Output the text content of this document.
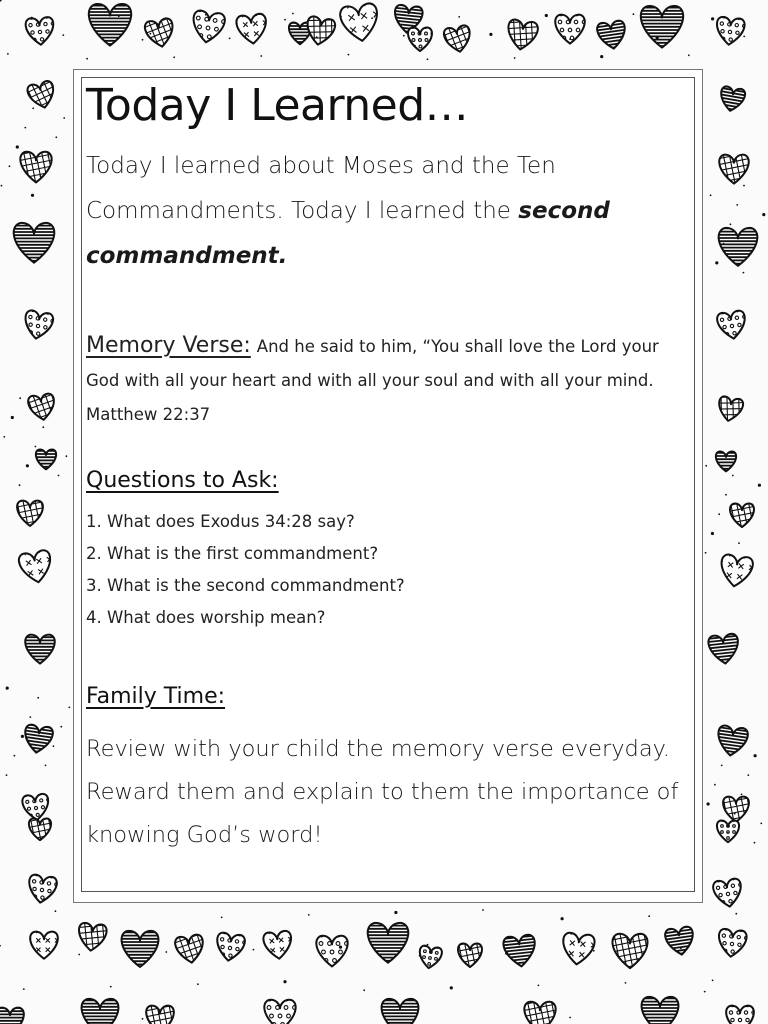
Today I Learned…
Today I learned about Moses and the Ten Commandments. Today I learned the second commandment.
Memory Verse: And he said to him, “You shall love the Lord your God with all your heart and with all your soul and with all your mind. Matthew 22:37
Questions to Ask:
1. What does Exodus 34:28 say?
2. What is the first commandment?
3. What is the second commandment?
4. What does worship mean?
Family Time:
Review with your child the memory verse everyday. Reward them and explain to them the importance of knowing God’s word!
